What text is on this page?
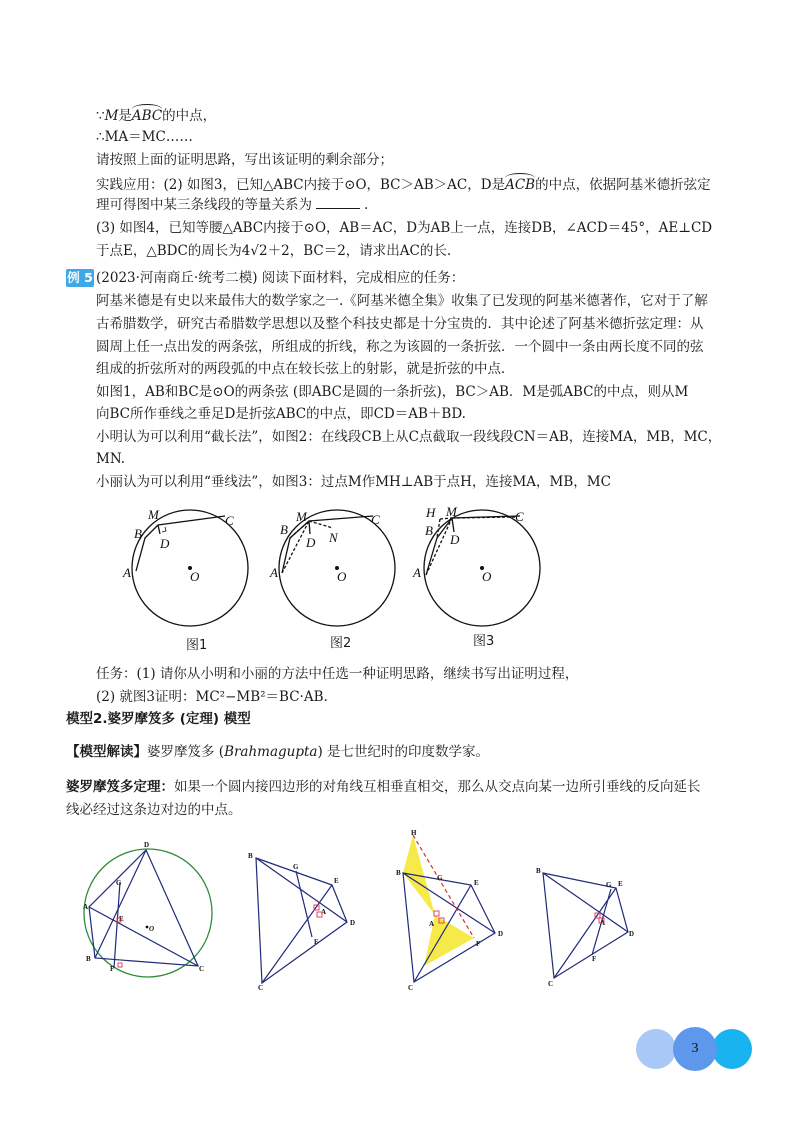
∵M是ABC的中点，
∴MA＝MC……
请按照上面的证明思路，写出该证明的剩余部分；
实践应用：(2) 如图3，已知△ABC内接于⊙O，BC＞AB＞AC，D是ACB的中点，依据阿基米德折弦定
理可得图中某三条线段的等量关系为	.
(3) 如图4，已知等腰△ABC内接于⊙O，AB＝AC，D为AB上一点，连接DB，∠ACD＝45°，AE⊥CD
于点E，△BDC的周长为4√2＋2，BC＝2，请求出AC的长.
例 5 (2023·河南商丘·统考二模) 阅读下面材料，完成相应的任务：
阿基米德是有史以来最伟大的数学家之一.《阿基米德全集》收集了已发现的阿基米德著作，它对于了解
古希腊数学，研究古希腊数学思想以及整个科技史都是十分宝贵的．其中论述了阿基米德折弦定理：从
圆周上任一点出发的两条弦，所组成的折线，称之为该圆的一条折弦．一个圆中一条由两长度不同的弦
组成的折弦所对的两段弧的中点在较长弦上的射影，就是折弦的中点．
如图1，AB和BC是⊙O的两条弦 (即ABC是圆的一条折弦)，BC＞AB．M是弧ABC的中点，则从M
向BC所作垂线之垂足D是折弦ABC的中点，即CD＝AB＋BD.
小明认为可以利用“截长法”，如图2：在线段CB上从C点截取一段线段CN＝AB，连接MA，MB，MC，
MN.
小丽认为可以利用“垂线法”，如图3：过点M作MH⊥AB于点H，连接MA，MB，MC
A
B
M	C
D
O	A
B
M	C
D N
O	A
B
H M	C
D
O
图1	图2	图3
任务：(1) 请你从小明和小丽的方法中任选一种证明思路，继续书写出证明过程，
(2) 就图3证明：MC²−MB²＝BC·AB.
模型2.婆罗摩笈多 (定理) 模型
【模型解读】婆罗摩笈多 (Brahmagupta) 是七世纪时的印度数学家。
婆罗摩笈多定理：如果一个圆内接四边形的对角线互相垂直相交，那么从交点向某一边所引垂线的反向延长
线必经过这条边对边的中点。
D
G
A
E
O
B
F	C
B
G
E
A
D
F
C
H
B
G
E
A
D
F
C
B
G E
A
D
F
C
3
